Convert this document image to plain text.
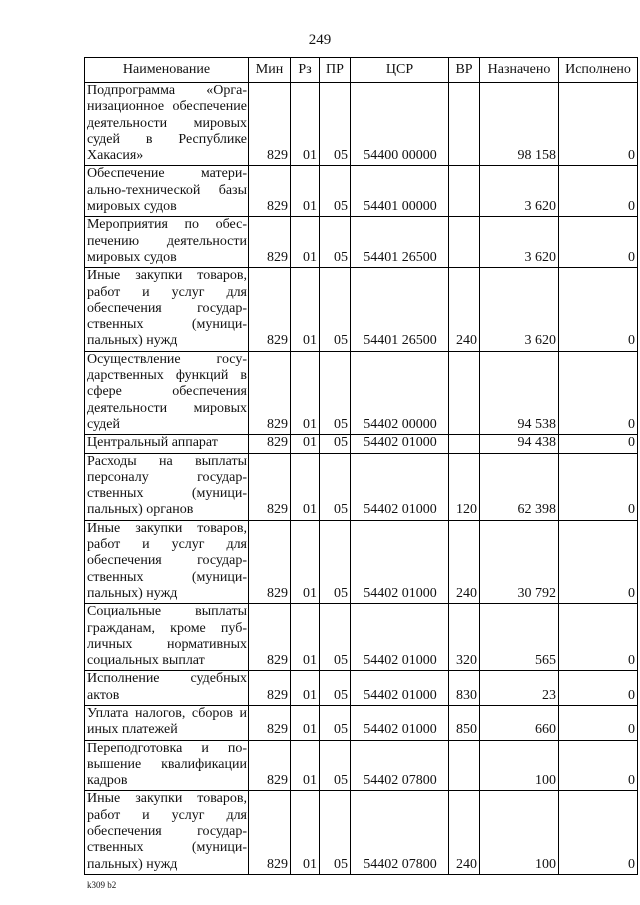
249
Наименование	Мин	Рз	ПР	ЦСР	ВР	Назначено	Исполнено
Подпрограмма «Организационное обеспечение деятельности мировых судей в Республике Хакасия»	829	01	05	54400 00000		98 158	0
Обеспечение материально-технической базы мировых судов	829	01	05	54401 00000		3 620	0
Мероприятия по обеспечению деятельности мировых судов	829	01	05	54401 26500		3 620	0
Иные закупки товаров, работ и услуг для обеспечения государственных (муниципальных) нужд	829	01	05	54401 26500	240	3 620	0
Осуществление государственных функций в сфере обеспечения деятельности мировых судей	829	01	05	54402 00000		94 538	0
Центральный аппарат	829	01	05	54402 01000		94 438	0
Расходы на выплаты персоналу государственных (муниципальных) органов	829	01	05	54402 01000	120	62 398	0
Иные закупки товаров, работ и услуг для обеспечения государственных (муниципальных) нужд	829	01	05	54402 01000	240	30 792	0
Социальные выплаты гражданам, кроме публичных нормативных социальных выплат	829	01	05	54402 01000	320	565	0
Исполнение судебных актов	829	01	05	54402 01000	830	23	0
Уплата налогов, сборов и иных платежей	829	01	05	54402 01000	850	660	0
Переподготовка и повышение квалификации кадров	829	01	05	54402 07800		100	0
Иные закупки товаров, работ и услуг для обеспечения государственных (муниципальных) нужд	829	01	05	54402 07800	240	100	0
k309 b2
